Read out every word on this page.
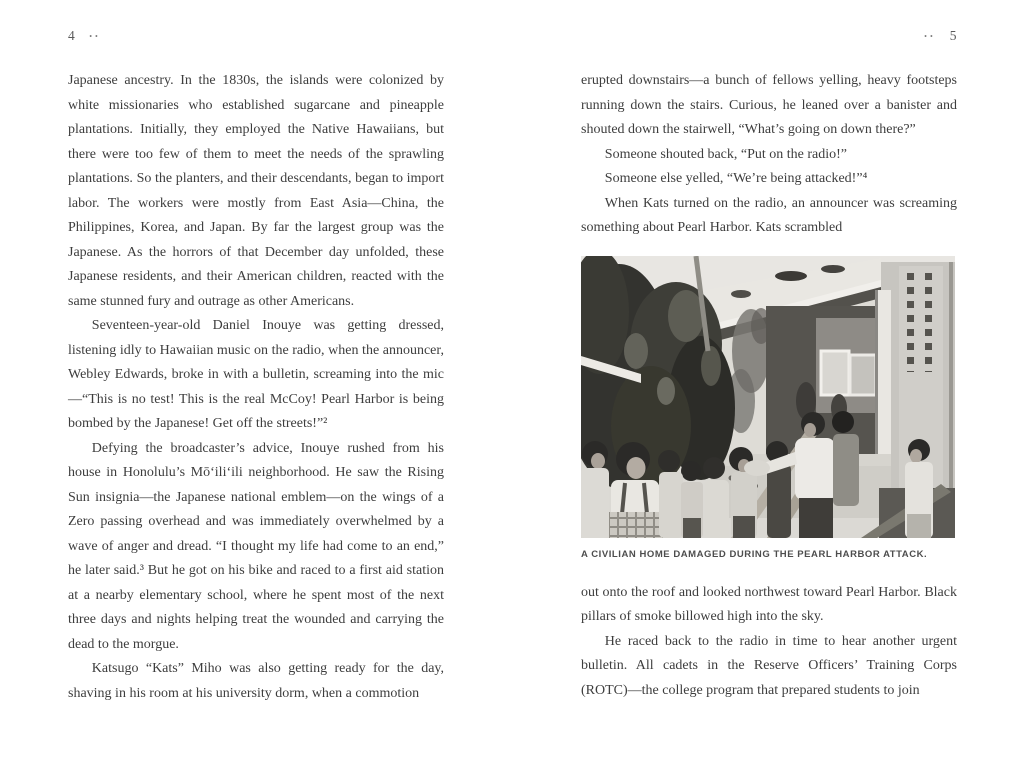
4 ••

Japanese ancestry. In the 1830s, the islands were colonized by white missionaries who established sugarcane and pineapple plantations. Initially, they employed the Native Hawaiians, but there were too few of them to meet the needs of the sprawling plantations. So the planters, and their descendants, began to import labor. The workers were mostly from East Asia—China, the Philippines, Korea, and Japan. By far the largest group was the Japanese. As the horrors of that December day unfolded, these Japanese residents, and their American children, reacted with the same stunned fury and outrage as other Americans.

Seventeen-year-old Daniel Inouye was getting dressed, listening idly to Hawaiian music on the radio, when the announcer, Webley Edwards, broke in with a bulletin, screaming into the mic—“This is no test! This is the real McCoy! Pearl Harbor is being bombed by the Japanese! Get off the streets!”²

Defying the broadcaster’s advice, Inouye rushed from his house in Honolulu’s Mōʻiliʻili neighborhood. He saw the Rising Sun insignia—the Japanese national emblem—on the wings of a Zero passing overhead and was immediately overwhelmed by a wave of anger and dread. “I thought my life had come to an end,” he later said.³ But he got on his bike and raced to a first aid station at a nearby elementary school, where he spent most of the next three days and nights helping treat the wounded and carrying the dead to the morgue.

Katsugo “Kats” Miho was also getting ready for the day, shaving in his room at his university dorm, when a commotion

•• 5

erupted downstairs—a bunch of fellows yelling, heavy footsteps running down the stairs. Curious, he leaned over a banister and shouted down the stairwell, “What’s going on down there?”

Someone shouted back, “Put on the radio!”

Someone else yelled, “We’re being attacked!”⁴

When Kats turned on the radio, an announcer was screaming something about Pearl Harbor. Kats scrambled

A CIVILIAN HOME DAMAGED DURING THE PEARL HARBOR ATTACK.

out onto the roof and looked northwest toward Pearl Harbor. Black pillars of smoke billowed high into the sky.

He raced back to the radio in time to hear another urgent bulletin. All cadets in the Reserve Officers’ Training Corps (ROTC)—the college program that prepared students to join
